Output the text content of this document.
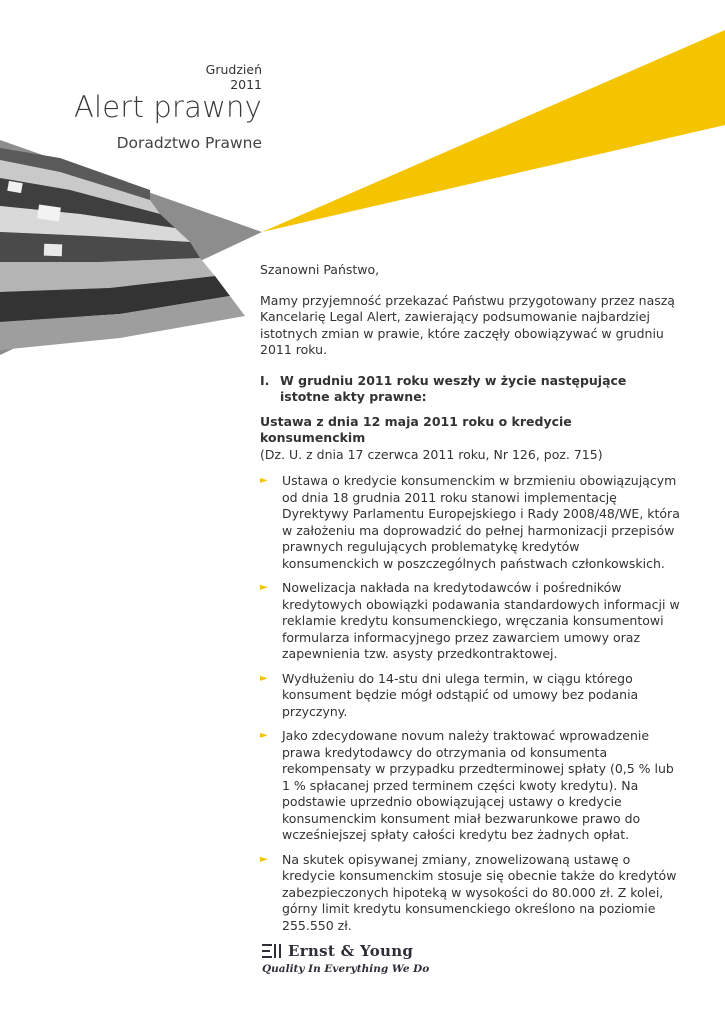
Grudzień 2011
Alert prawny
Doradztwo Prawne

Szanowni Państwo,

Mamy przyjemność przekazać Państwu przygotowany przez naszą Kancelarię Legal Alert, zawierający podsumowanie najbardziej istotnych zmian w prawie, które zaczęły obowiązywać w grudniu 2011 roku.

I. W grudniu 2011 roku weszły w życie następujące istotne akty prawne:
Ustawa z dnia 12 maja 2011 roku o kredycie konsumenckim
(Dz. U. z dnia 17 czerwca 2011 roku, Nr 126, poz. 715)
►	Ustawa o kredycie konsumenckim w brzmieniu obowiązującym od dnia 18 grudnia 2011 roku stanowi implementację Dyrektywy Parlamentu Europejskiego i Rady 2008/48/WE, która w założeniu ma doprowadzić do pełnej harmonizacji przepisów prawnych regulujących problematykę kredytów konsumenckich w poszczególnych państwach członkowskich.
►	Nowelizacja nakłada na kredytodawców i pośredników kredytowych obowiązki podawania standardowych informacji w reklamie kredytu konsumenckiego, wręczania konsumentowi formularza informacyjnego przez zawarciem umowy oraz zapewnienia tzw. asysty przedkontraktowej.
►	Wydłużeniu do 14-stu dni ulega termin, w ciągu którego konsument będzie mógł odstąpić od umowy bez podania przyczyny.
►	Jako zdecydowane novum należy traktować wprowadzenie prawa kredytodawcy do otrzymania od konsumenta rekompensaty w przypadku przedterminowej spłaty (0,5 % lub 1 % spłacanej przed terminem części kwoty kredytu). Na podstawie uprzednio obowiązującej ustawy o kredycie konsumenckim konsument miał bezwarunkowe prawo do wcześniejszej spłaty całości kredytu bez żadnych opłat.
►	Na skutek opisywanej zmiany, znowelizowaną ustawę o kredycie konsumenckim stosuje się obecnie także do kredytów zabezpieczonych hipoteką w wysokości do 80.000 zł. Z kolei, górny limit kredytu konsumenckiego określono na poziomie 255.550 zł.
Ernst & Young
Quality In Everything We Do
